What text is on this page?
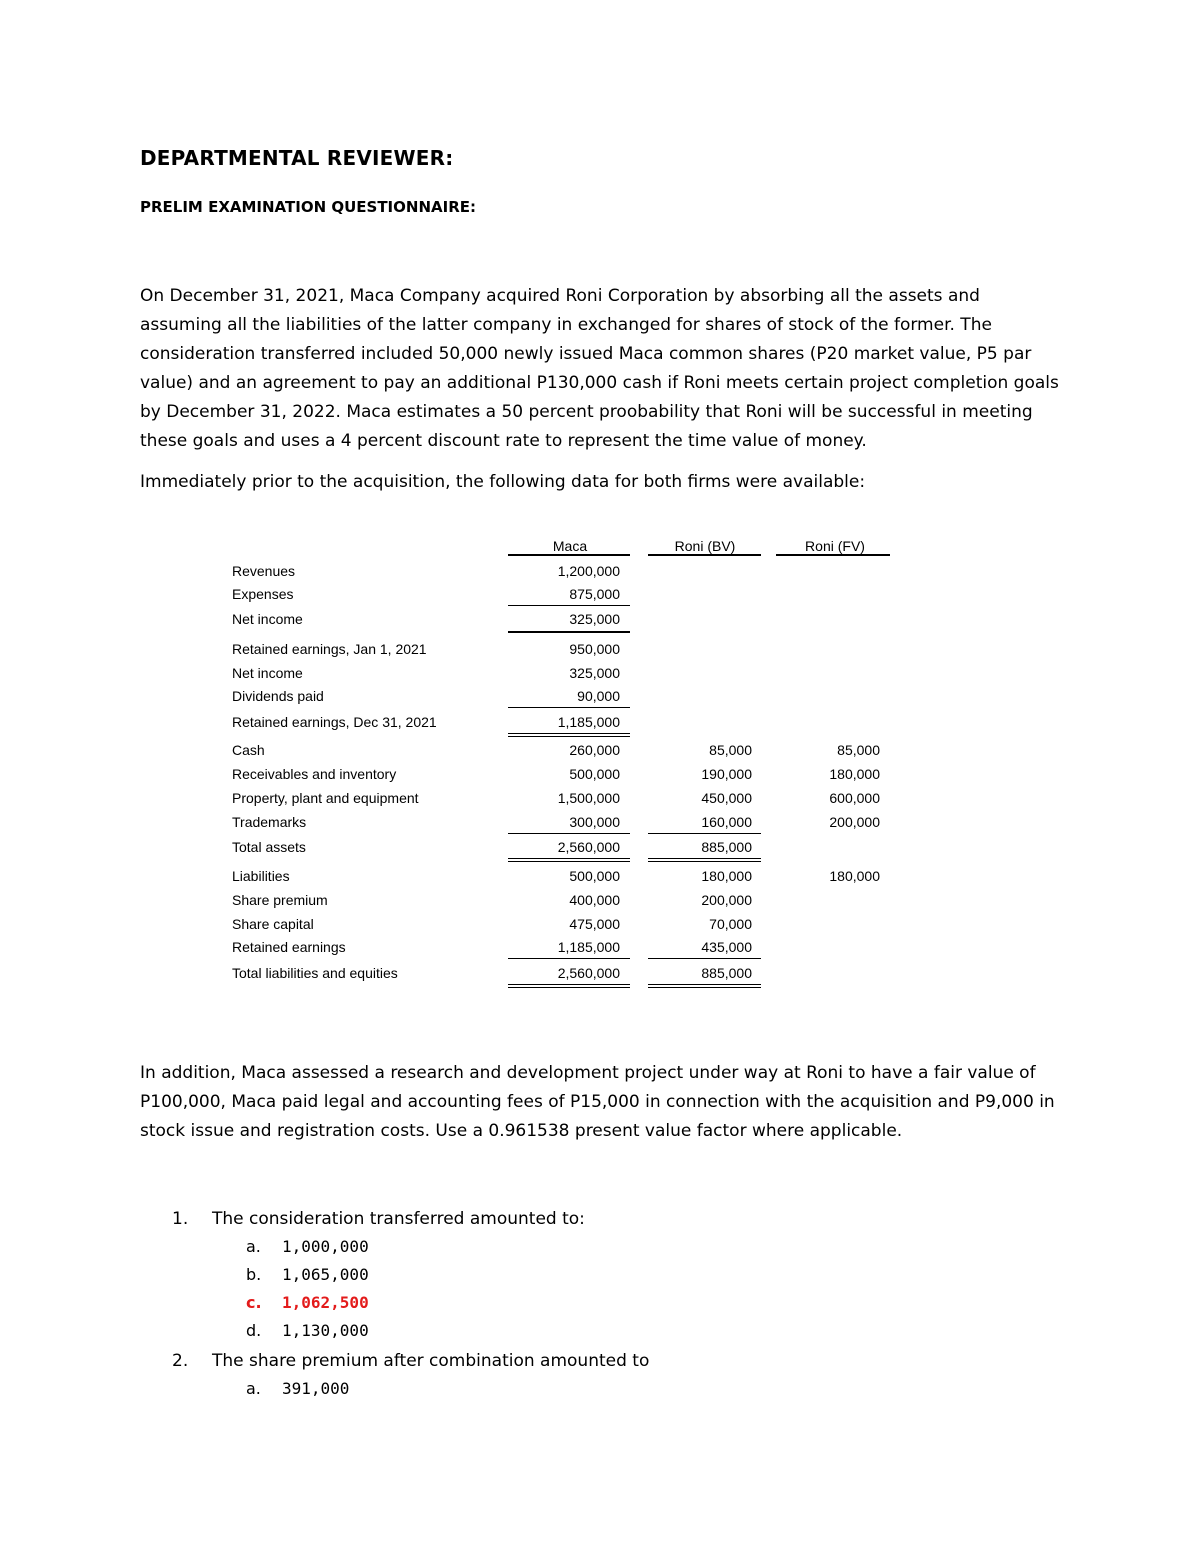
DEPARTMENTAL REVIEWER:
PRELIM EXAMINATION QUESTIONNAIRE:
On December 31, 2021, Maca Company acquired Roni Corporation by absorbing all the assets and assuming all the liabilities of the latter company in exchanged for shares of stock of the former. The consideration transferred included 50,000 newly issued Maca common shares (P20 market value, P5 par value) and an agreement to pay an additional P130,000 cash if Roni meets certain project completion goals by December 31, 2022. Maca estimates a 50 percent proobability that Roni will be successful in meeting these goals and uses a 4 percent discount rate to represent the time value of money.
Immediately prior to the acquisition, the following data for both firms were available:
Maca	Roni (BV)	Roni (FV)
Revenues	1,200,000
Expenses	875,000
Net income	325,000
Retained earnings, Jan 1, 2021	950,000
Net income	325,000
Dividends paid	90,000
Retained earnings, Dec 31, 2021	1,185,000
Cash	260,000	85,000	85,000
Receivables and inventory	500,000	190,000	180,000
Property, plant and equipment	1,500,000	450,000	600,000
Trademarks	300,000	160,000	200,000
Total assets	2,560,000	885,000
Liabilities	500,000	180,000	180,000
Share premium	400,000	200,000
Share capital	475,000	70,000
Retained earnings	1,185,000	435,000
Total liabilities and equities	2,560,000	885,000
In addition, Maca assessed a research and development project under way at Roni to have a fair value of P100,000, Maca paid legal and accounting fees of P15,000 in connection with the acquisition and P9,000 in stock issue and registration costs. Use a 0.961538 present value factor where applicable.
1. The consideration transferred amounted to:
a. 1,000,000
b. 1,065,000
c. 1,062,500
d. 1,130,000
2. The share premium after combination amounted to
a. 391,000
